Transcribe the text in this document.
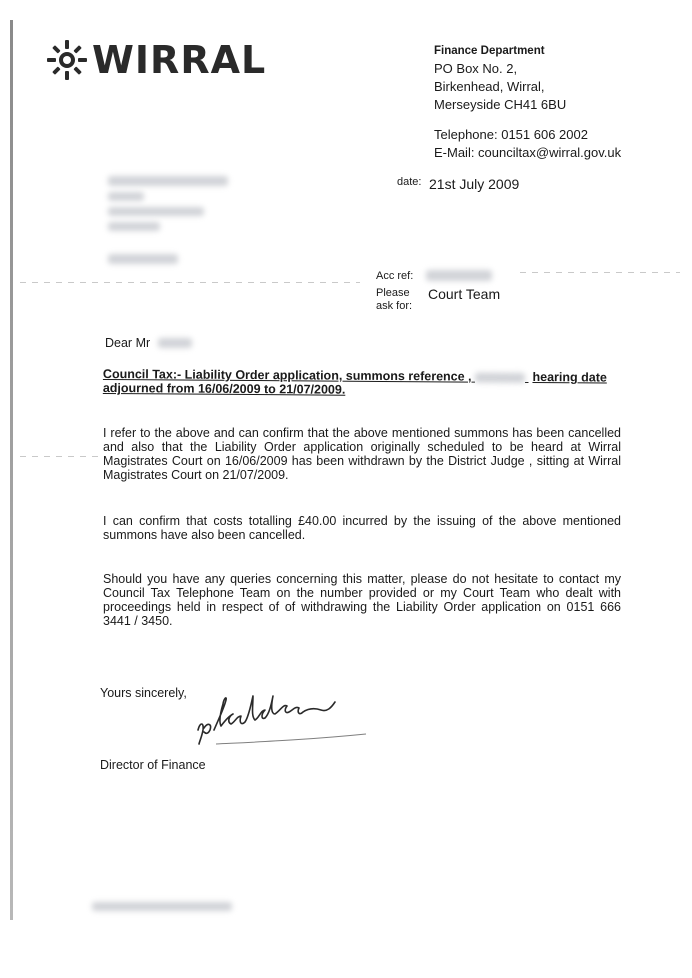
WIRRAL	Finance Department
PO Box No. 2,
Birkenhead, Wirral,
Merseyside CH41 6BU
Telephone: 0151 606 2002
E-Mail: counciltax@wirral.gov.uk
date: 21st July 2009
Acc ref:
Please ask for:
Court Team
Dear Mr
Council Tax:- Liability Order application, summons reference ,	hearing date
adjourned from 16/06/2009 to 21/07/2009.
I refer to the above and can confirm that the above mentioned summons has been cancelled and also that the Liability Order application originally scheduled to be heard at Wirral Magistrates Court on 16/06/2009 has been withdrawn by the District Judge , sitting at Wirral Magistrates Court on 21/07/2009.
I can confirm that costs totalling £40.00 incurred by the issuing of the above mentioned summons have also been cancelled.
Should you have any queries concerning this matter, please do not hesitate to contact my Council Tax Telephone Team on the number provided or my Court Team who dealt with proceedings held in respect of of withdrawing the Liability Order application on 0151 666 3441 / 3450.
Yours sincerely,
Director of Finance
